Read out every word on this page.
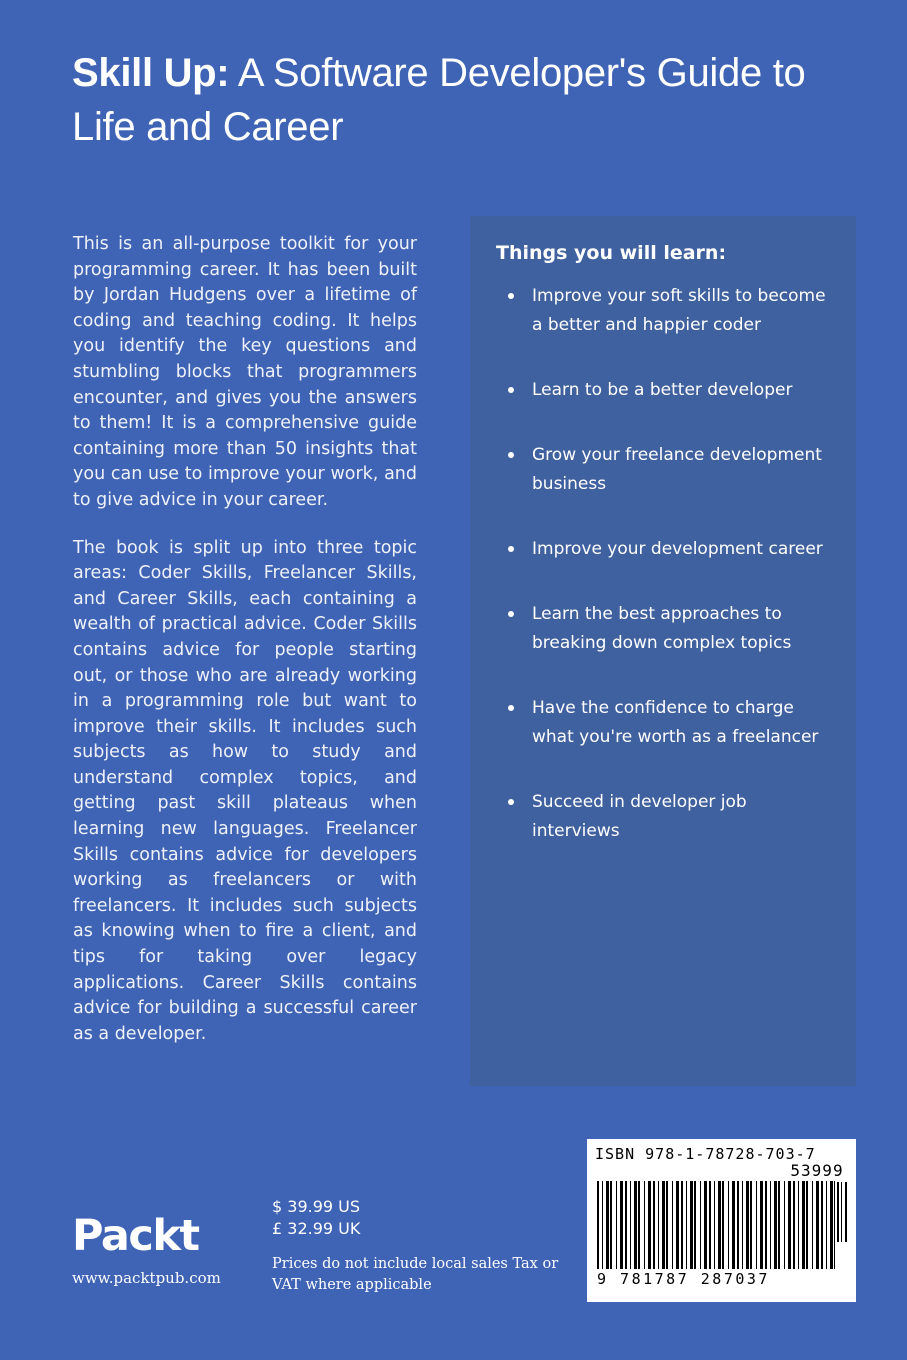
Skill Up: A Software Developer's Guide to Life and Career

This is an all-purpose toolkit for your programming career. It has been built by Jordan Hudgens over a lifetime of coding and teaching coding. It helps you identify the key questions and stumbling blocks that programmers encounter, and gives you the answers to them! It is a comprehensive guide containing more than 50 insights that you can use to improve your work, and to give advice in your career.

The book is split up into three topic areas: Coder Skills, Freelancer Skills, and Career Skills, each containing a wealth of practical advice. Coder Skills contains advice for people starting out, or those who are already working in a programming role but want to improve their skills. It includes such subjects as how to study and understand complex topics, and getting past skill plateaus when learning new languages. Freelancer Skills contains advice for developers working as freelancers or with freelancers. It includes such subjects as knowing when to fire a client, and tips for taking over legacy applications. Career Skills contains advice for building a successful career as a developer.

Things you will learn:
Improve your soft skills to become a better and happier coder
Learn to be a better developer
Grow your freelance development business
Improve your development career
Learn the best approaches to breaking down complex topics
Have the confidence to charge what you're worth as a freelancer
Succeed in developer job interviews
Packt
www.packtpub.com
$ 39.99 US
£ 32.99 UK
Prices do not include local sales Tax or VAT where applicable
ISBN 978-1-78728-703-7
53999
9 781787 287037
